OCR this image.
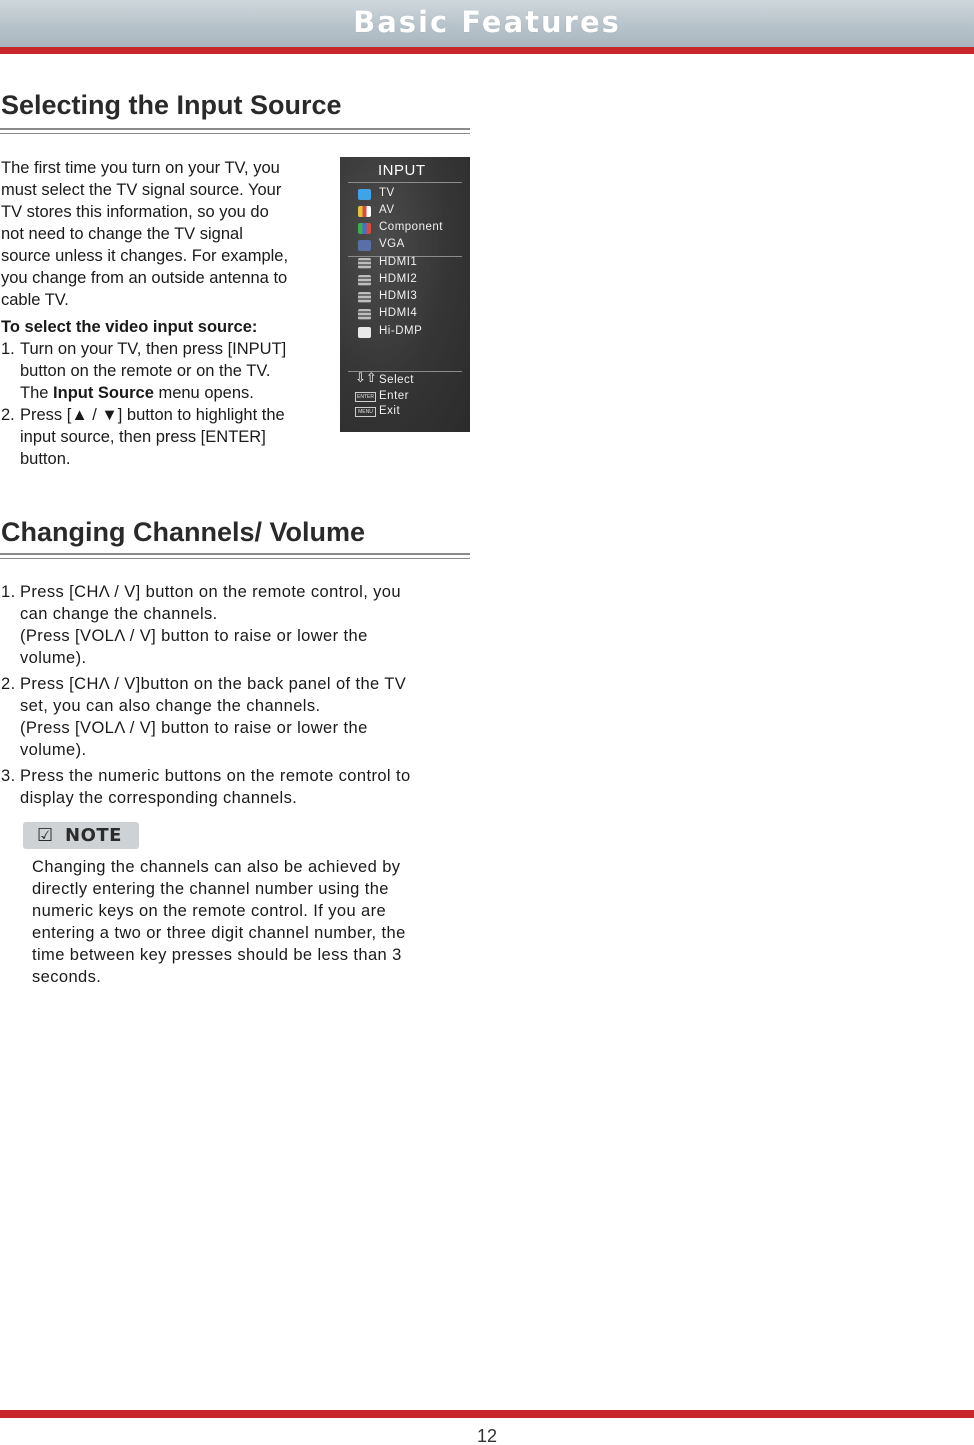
Basic Features
Selecting the Input Source
The first time you turn on your TV, you
must select the TV signal source. Your
TV stores this information, so you do
not need to change the TV signal
source unless it changes. For example,
you change from an outside antenna to
cable TV.
To select the video input source:
1. Turn on your TV, then press [INPUT]
button on the remote or on the TV.
The Input Source menu opens.
2. Press [▲ / ▼] button to highlight the
input source, then press [ENTER]
button.
INPUT
TV
AV
Component
VGA
HDMI1
HDMI2
HDMI3
HDMI4
Hi-DMP
⇩⇧ Select
ENTER Enter
MENU Exit
Changing Channels/ Volume
1. Press [CHΛ / V] button on the remote control, you
can change the channels.
(Press [VOLΛ / V] button to raise or lower the
volume).
2. Press [CHΛ / V]button on the back panel of the TV
set, you can also change the channels.
(Press [VOLΛ / V] button to raise or lower the
volume).
3. Press the numeric buttons on the remote control to
display the corresponding channels.
☑ NOTE
Changing the channels can also be achieved by
directly entering the channel number using the
numeric keys on the remote control. If you are
entering a two or three digit channel number, the
time between key presses should be less than 3
seconds.
12
